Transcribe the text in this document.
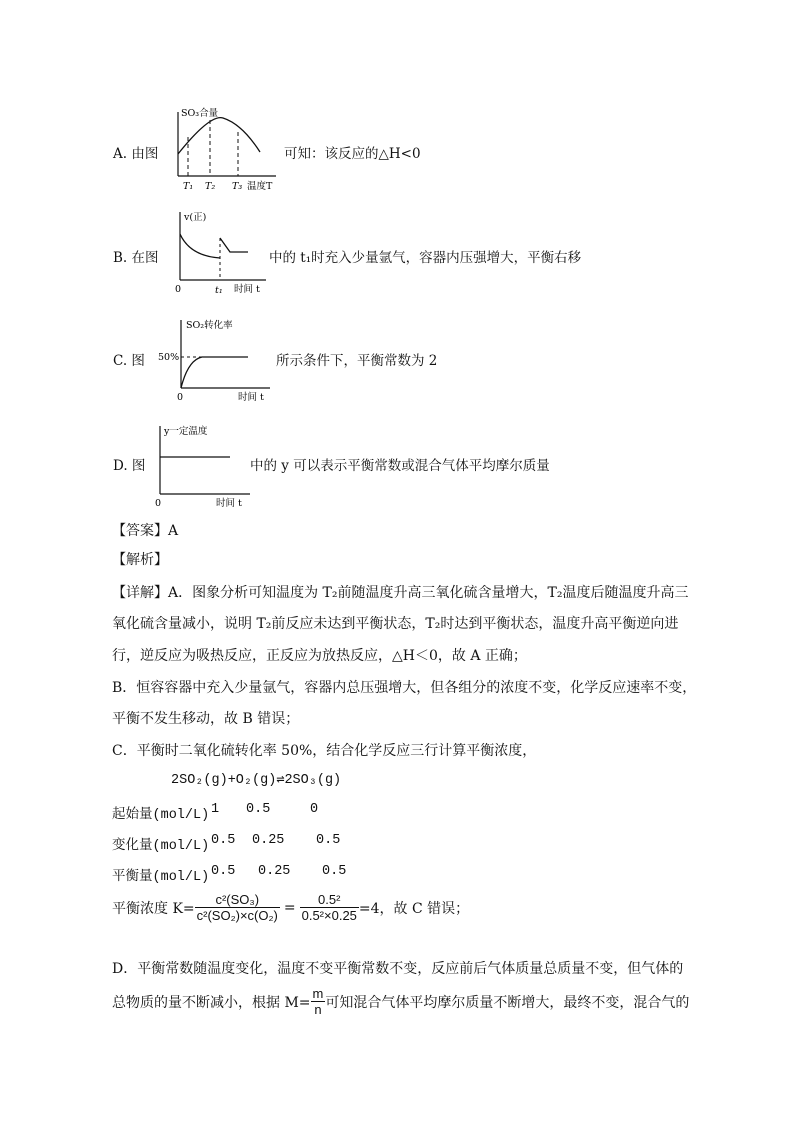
A. 由图
SO₃合量
T₁ T₂ T₃ 温度T
可知：该反应的△H<0
B. 在图
v(正)
0	t₁ 时间 t
中的 t₁时充入少量氩气，容器内压强增大，平衡右移
C. 图
SO₂转化率
50%
0	时间 t
所示条件下，平衡常数为 2
D. 图
y一定温度
0	时间 t
中的 y 可以表示平衡常数或混合气体平均摩尔质量
【答案】A
【解析】
【详解】A．图象分析可知温度为 T₂前随温度升高三氧化硫含量增大，T₂温度后随温度升高三
氧化硫含量减小，说明 T₂前反应未达到平衡状态，T₂时达到平衡状态，温度升高平衡逆向进
行，逆反应为吸热反应，正反应为放热反应，△H＜0，故 A 正确；
B．恒容容器中充入少量氩气，容器内总压强增大，但各组分的浓度不变，化学反应速率不变，
平衡不发生移动，故 B 错误；
C．平衡时二氧化硫转化率 50%，结合化学反应三行计算平衡浓度，
2SO₂(g)+O₂(g)⇌2SO₃(g)
起始量(mol/L) 1 0.5	0
变化量(mol/L) 0.5 0.25 0.5
平衡量(mol/L) 0.5 0.25 0.5
平衡浓度 $K= \frac{\text{c²(SO₃)}}{\text{c²(SO₂)×c(O₂)}} = \frac{\text{0.5²}}{\text{0.5²×0.25}} =4$，故 C 错误；
D．平衡常数随温度变化，温度不变平衡常数不变，反应前后气体质量总质量不变，但气体的
总物质的量不断减小，根据 $M= \frac{m}{n}$ 可知混合气体平均摩尔质量不断增大，最终不变，混合气的
